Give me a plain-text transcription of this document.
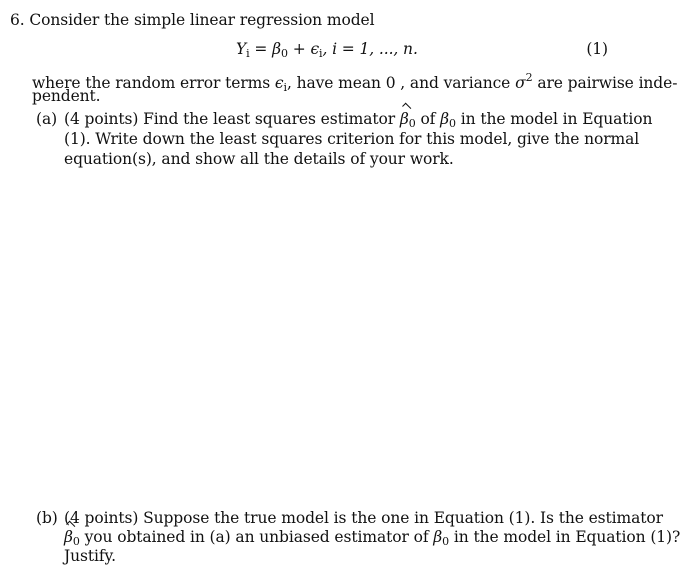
6. Consider the simple linear regression model
$Y_i = \beta_0 + \epsilon_i$, i = 1, ..., n.	(1)
where the random error terms $\epsilon_i$, have mean 0 , and variance $\sigma^2$ are pairwise inde-
pendent.
(a) (4 points) Find the least squares estimator $\beta_0$ of $\beta_0$ in the model in Equation
(1). Write down the least squares criterion for this model, give the normal
equation(s), and show all the details of your work.
(b) (4 points) Suppose the true model is the one in Equation (1). Is the estimator
$\beta_0$ you obtained in (a) an unbiased estimator of $\beta_0$ in the model in Equation (1)?
Justify.
